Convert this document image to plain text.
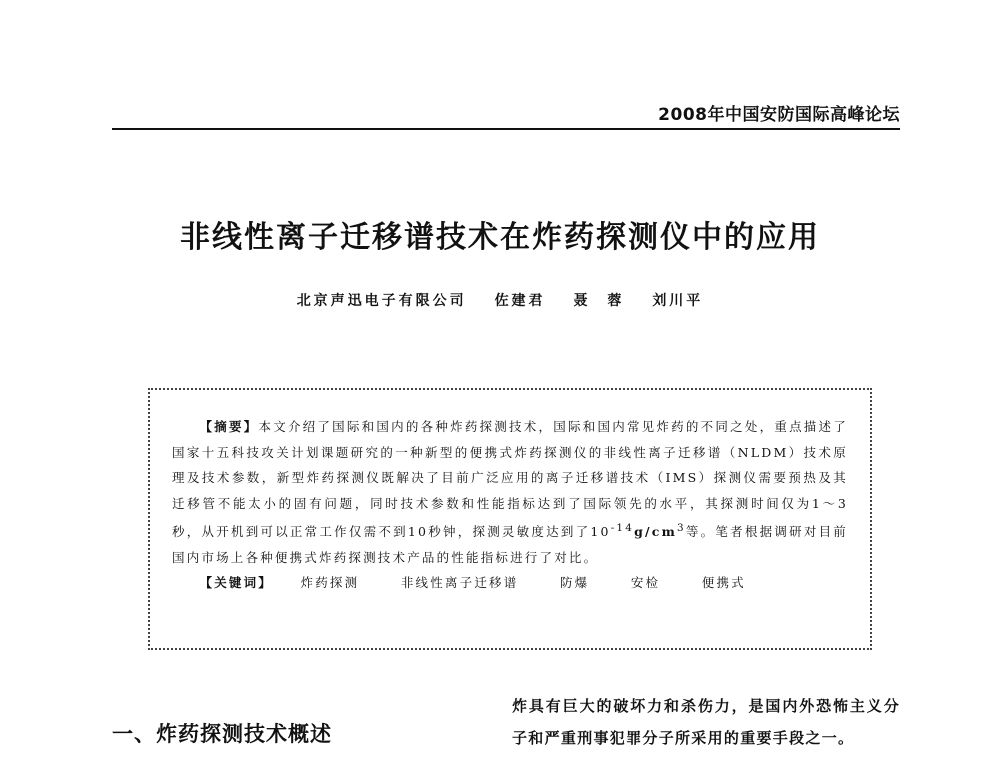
2008年中国安防国际高峰论坛
非线性离子迁移谱技术在炸药探测仪中的应用
北京声迅电子有限公司 佐建君 聂　蓉 刘川平

【摘要】本文介绍了国际和国内的各种炸药探测技术，国际和国内常见炸药的不同之处，重点描述了国家十五科技攻关计划课题研究的一种新型的便携式炸药探测仪的非线性离子迁移谱（NLDM）技术原理及技术参数，新型炸药探测仪既解决了目前广泛应用的离子迁移谱技术（IMS）探测仪需要预热及其迁移管不能太小的固有问题，同时技术参数和性能指标达到了国际领先的水平，其探测时间仅为1～3秒，从开机到可以正常工作仅需不到10秒钟，探测灵敏度达到了$10^{-14}g/cm^3$等。笔者根据调研对目前国内市场上各种便携式炸药探测技术产品的性能指标进行了对比。

【关键词】 炸药探测	非线性离子迁移谱	防爆	安检	便携式

一、炸药探测技术概述
炸具有巨大的破坏力和杀伤力，是国内外恐怖主义分子和严重刑事犯罪分子所采用的重要手段之一。
